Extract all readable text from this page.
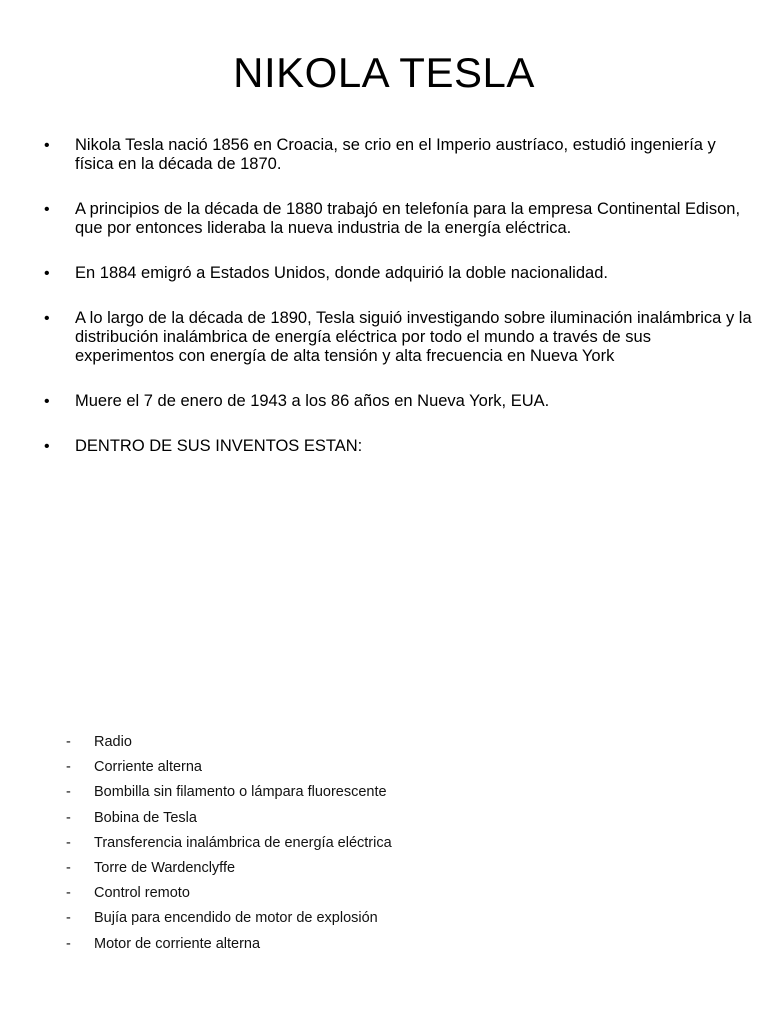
NIKOLA TESLA
•	Nikola Tesla nació 1856 en Croacia, se crio en el Imperio austríaco, estudió ingeniería y física en la década de 1870.
•	A principios de la década de 1880 trabajó en telefonía para la empresa Continental Edison, que por entonces lideraba la nueva industria de la energía eléctrica.
•	En 1884 emigró a Estados Unidos, donde adquirió la doble nacionalidad.
•	A lo largo de la década de 1890, Tesla siguió investigando sobre iluminación inalámbrica y la distribución inalámbrica de energía eléctrica por todo el mundo a través de sus experimentos con energía de alta tensión y alta frecuencia en Nueva York
•	Muere el 7 de enero de 1943 a los 86 años en Nueva York, EUA.
•	DENTRO DE SUS INVENTOS ESTAN:
-	Radio
-	Corriente alterna
-	Bombilla sin filamento o lámpara fluorescente
-	Bobina de Tesla
-	Transferencia inalámbrica de energía eléctrica
-	Torre de Wardenclyffe
-	Control remoto
-	Bujía para encendido de motor de explosión
-	Motor de corriente alterna
